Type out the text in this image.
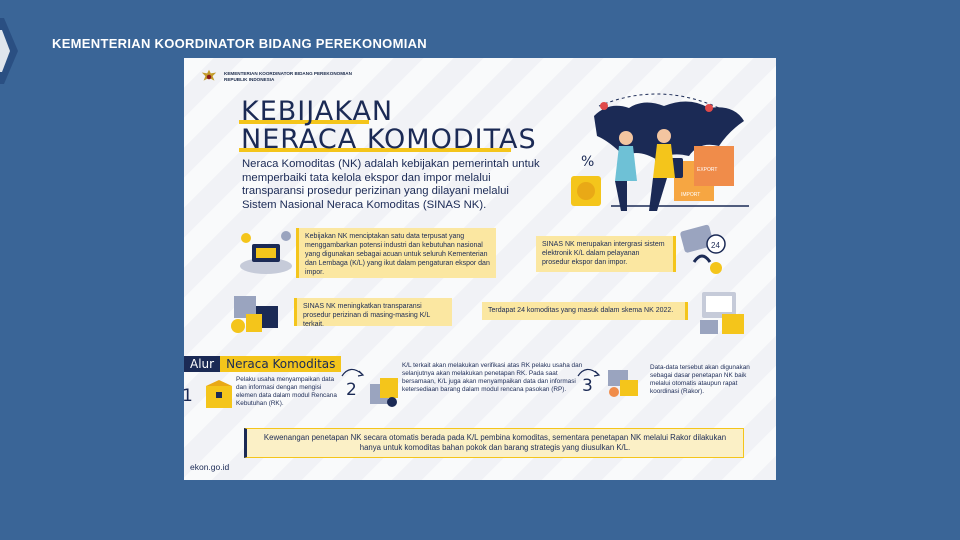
KEMENTERIAN KOORDINATOR BIDANG PEREKONOMIAN
KEMENTERIAN KOORDINATOR BIDANG PEREKONOMIAN
REPUBLIK INDONESIA
KEBIJAKAN
NERACA KOMODITAS
Neraca Komoditas (NK) adalah kebijakan pemerintah untuk memperbaiki tata kelola ekspor dan impor melalui transparansi prosedur perizinan yang dilayani melalui Sistem Nasional Neraca Komoditas (SINAS NK).
%	EXPORT
IMPORT
Kebijakan NK menciptakan satu data terpusat yang menggambarkan potensi industri dan kebutuhan nasional yang digunakan sebagai acuan untuk seluruh Kementerian dan Lembaga (K/L) yang ikut dalam pengaturan ekspor dan impor.
SINAS NK merupakan intergrasi sistem elektronik K/L dalam pelayanan prosedur ekspor dan impor.
24
SINAS NK meningkatkan transparansi prosedur perizinan di masing-masing K/L terkait.
Terdapat 24 komoditas yang masuk dalam skema NK 2022.
Alur	Neraca Komoditas
1
Pelaku usaha menyampaikan data dan informasi dengan mengisi elemen data dalam modul Rencana Kebutuhan (RK).
2
K/L terkait akan melakukan verifikasi atas RK pelaku usaha dan selanjutnya akan melakukan penetapan RK. Pada saat bersamaan, K/L juga akan menyampaikan data dan informasi ketersediaan barang dalam modul rencana pasokan (RP). 3
Data-data tersebut akan digunakan sebagai dasar penetapan NK baik melalui otomatis ataupun rapat koordinasi (Rakor).
Kewenangan penetapan NK secara otomatis berada pada K/L pembina komoditas, sementara penetapan NK melalui Rakor dilakukan hanya untuk komoditas bahan pokok dan barang strategis yang diusulkan K/L.
ekon.go.id
